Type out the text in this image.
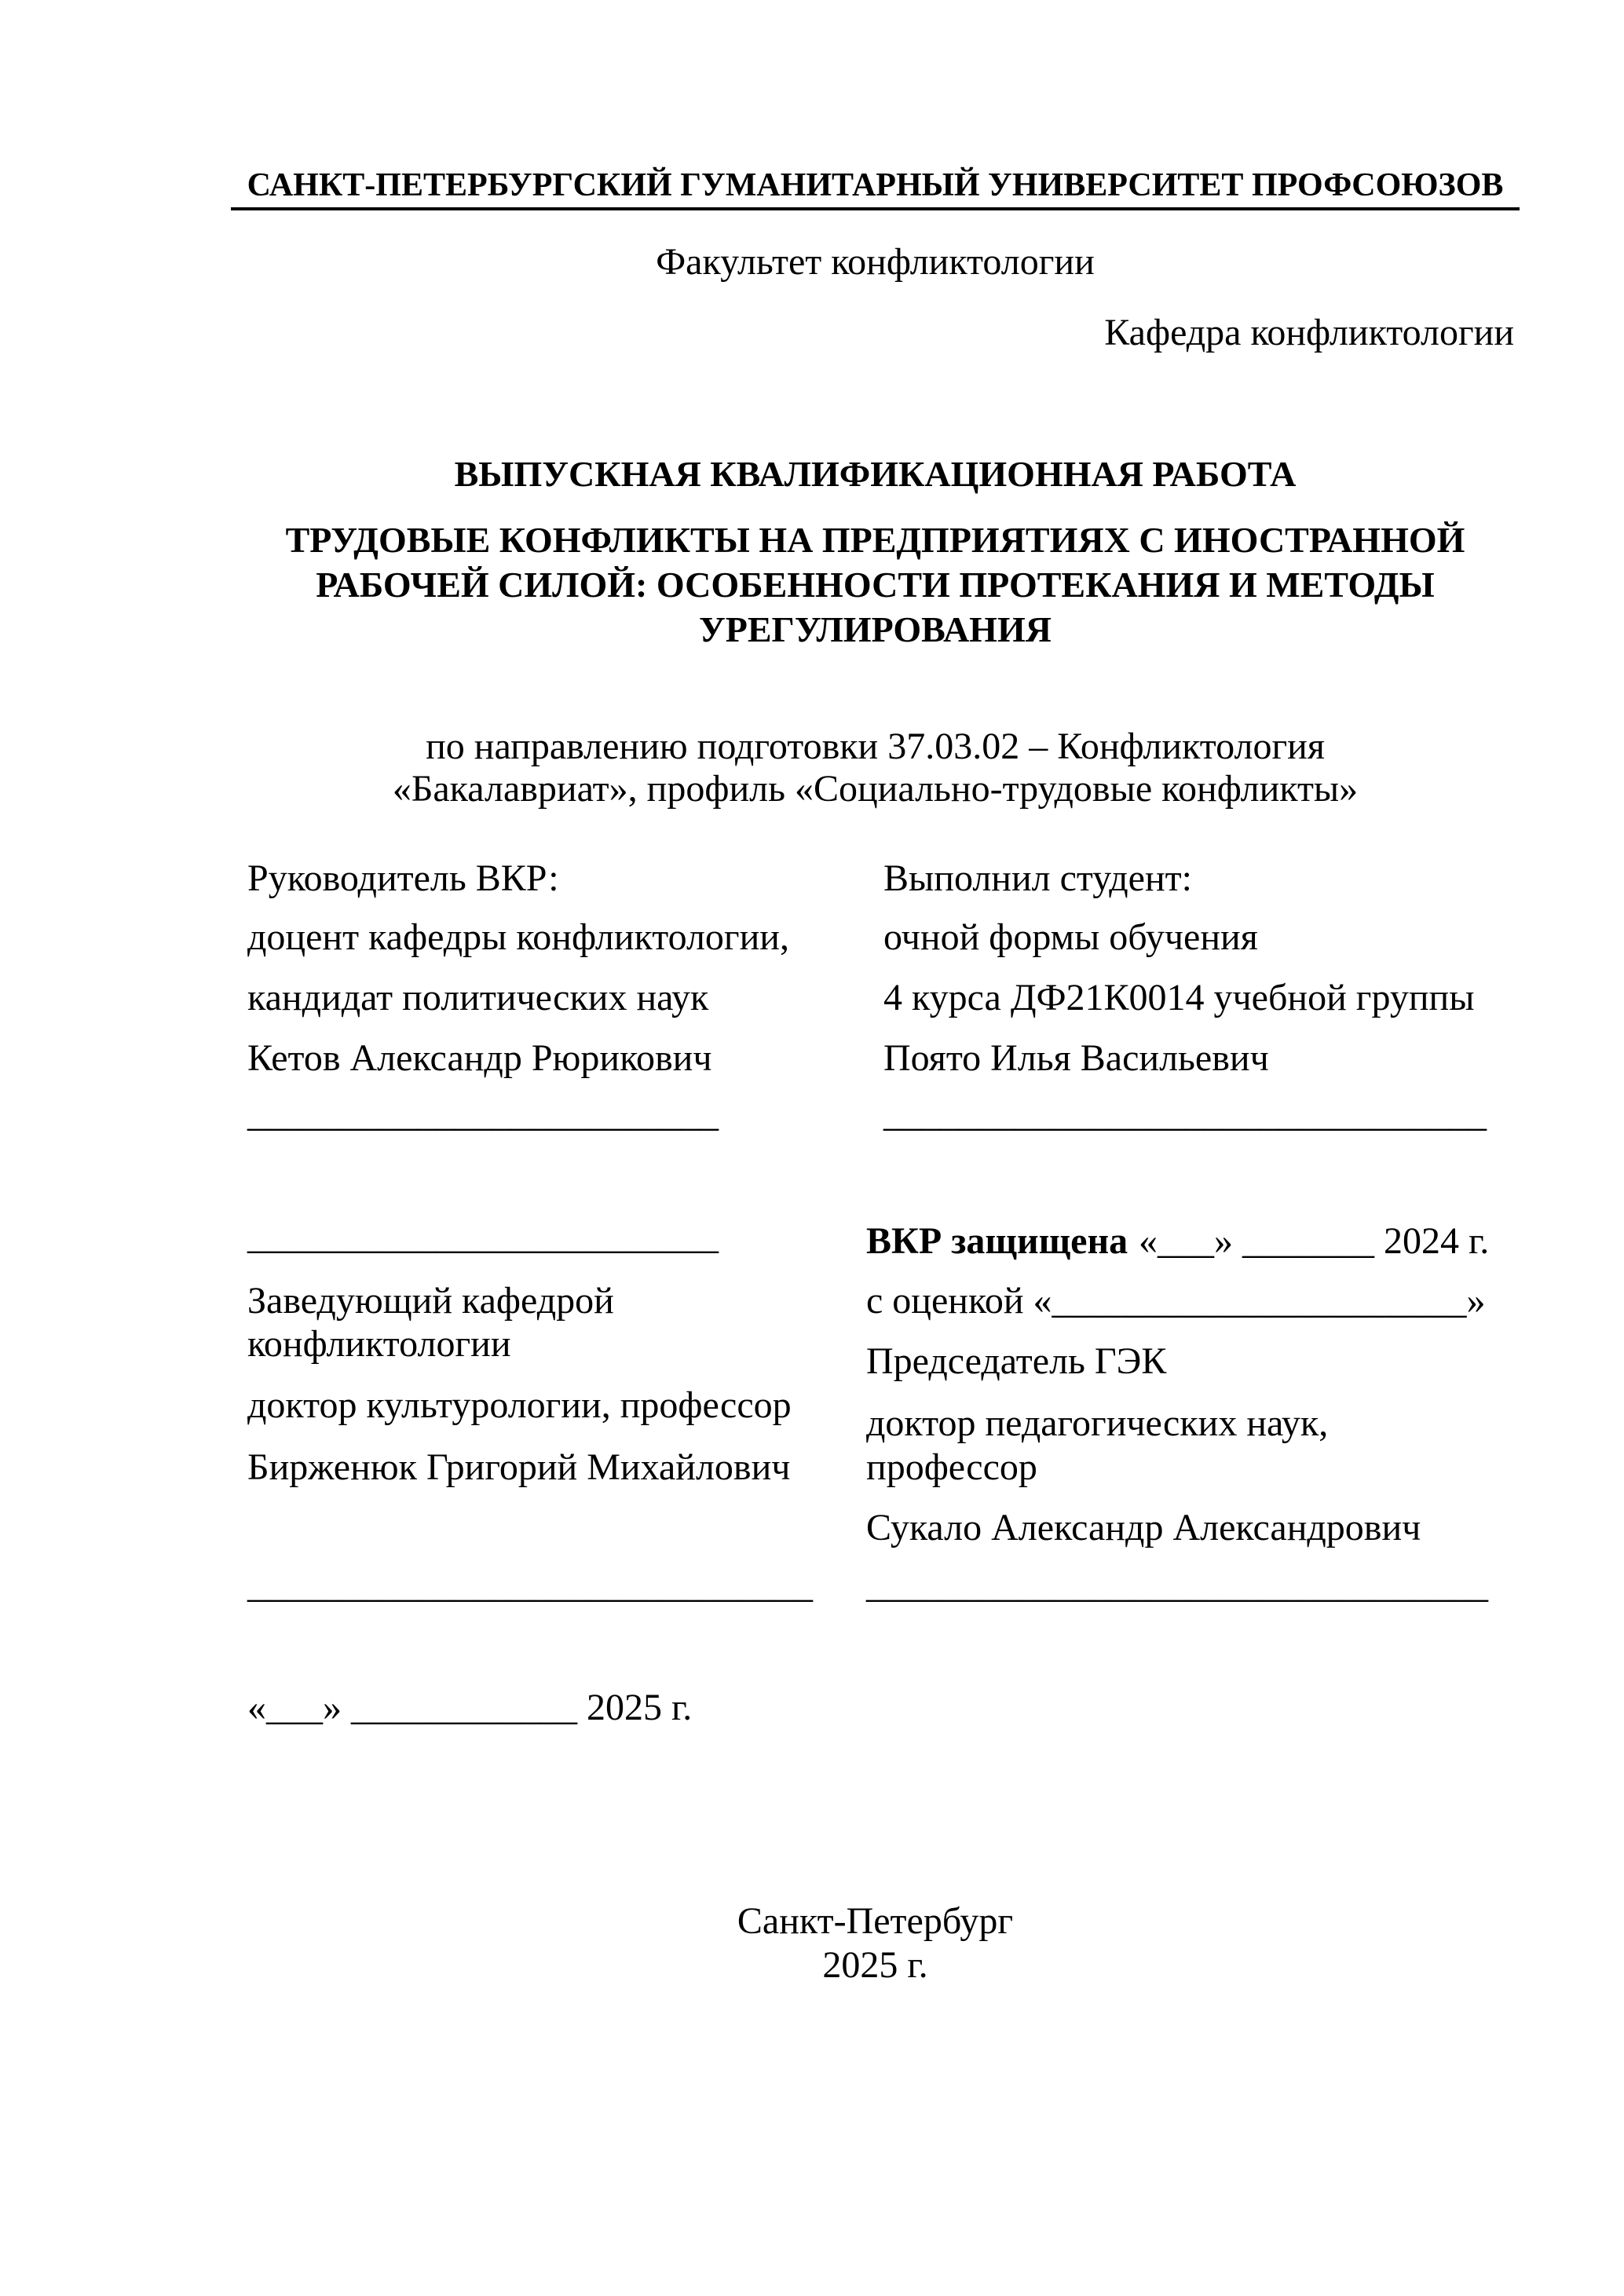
САНКТ-ПЕТЕРБУРГСКИЙ ГУМАНИТАРНЫЙ УНИВЕРСИТЕТ ПРОФСОЮЗОВ
Факультет конфликтологии
Кафедра конфликтологии
ВЫПУСКНАЯ КВАЛИФИКАЦИОННАЯ РАБОТА
ТРУДОВЫЕ КОНФЛИКТЫ НА ПРЕДПРИЯТИЯХ С ИНОСТРАННОЙ
РАБОЧЕЙ СИЛОЙ: ОСОБЕННОСТИ ПРОТЕКАНИЯ И МЕТОДЫ
УРЕГУЛИРОВАНИЯ
по направлению подготовки 37.03.02 – Конфликтология
«Бакалавриат», профиль «Социально-трудовые конфликты»
Руководитель ВКР:
доцент кафедры конфликтологии,
кандидат политических наук
Кетов Александр Рюрикович
_________________________
Выполнил студент:
очной формы обучения
4 курса ДФ21К0014 учебной группы
Поято Илья Васильевич
________________________________
_________________________
Заведующий кафедрой
конфликтологии
доктор культурологии, профессор
Бирженюк Григорий Михайлович
______________________________
ВКР защищена «___» _______ 2024 г.
с оценкой «______________________»
Председатель ГЭК
доктор педагогических наук,
профессор
Сукало Александр Александрович
_________________________________
«___» ____________ 2025 г.
Санкт-Петербург
2025 г.
